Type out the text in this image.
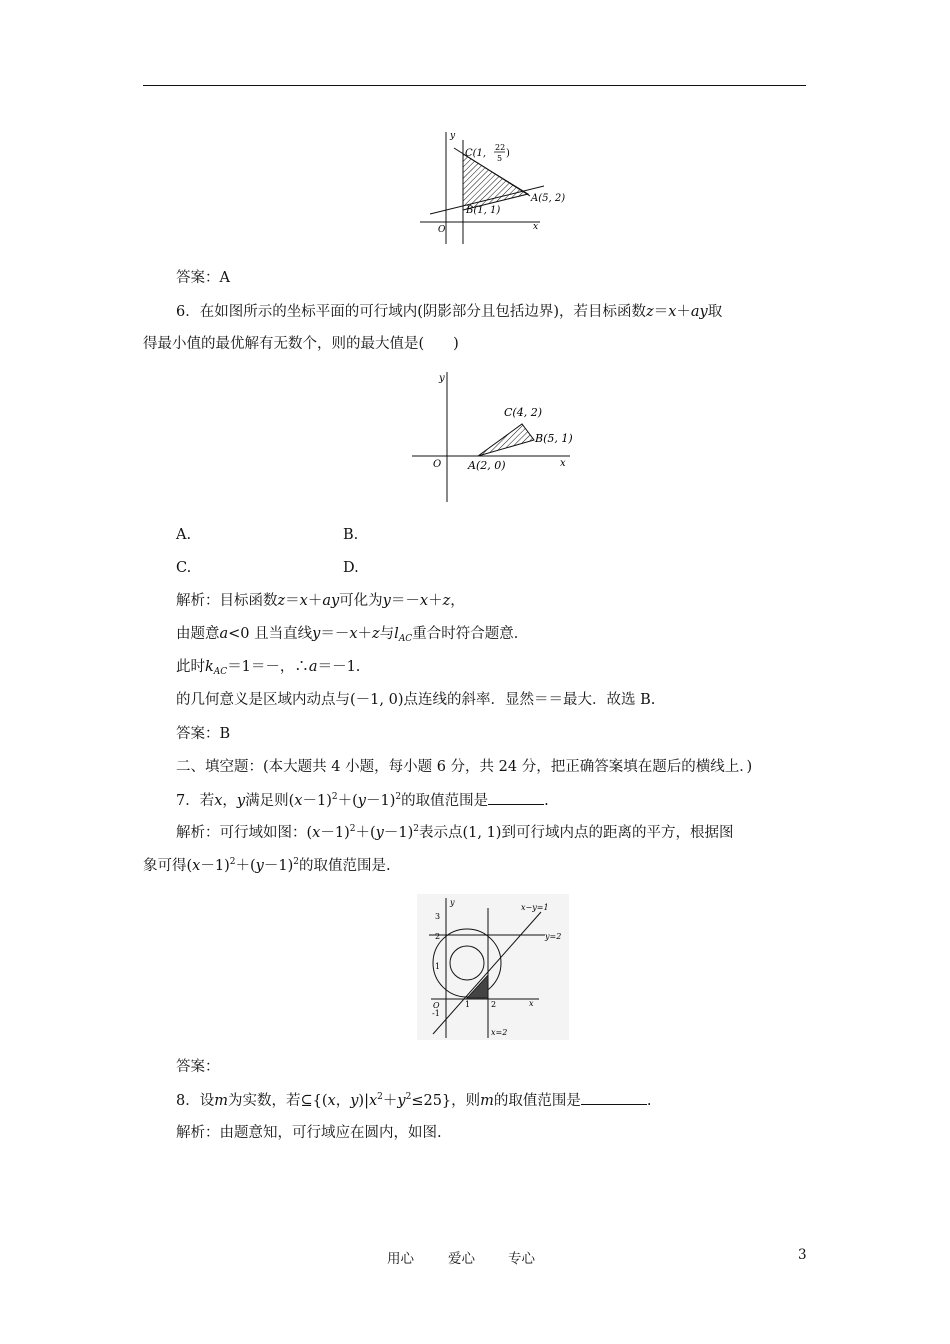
y
x
O
C(1,
22
5 )
A(5, 2)
B(1, 1)
答案：A
6．在如图所示的坐标平面的可行域内(阴影部分且包括边界)，若目标函数z＝x＋ay取
得最小值的最优解有无数个，则的最大值是(　　)
y
x
O
C(4, 2)
B(5, 1)
A(2, 0)
A.	B.
C.	D.
解析：目标函数z＝x＋ay可化为y＝－x＋z，
由题意a<0 且当直线y＝－x＋z与$l_{AC}$重合时符合题意．
此时$k_{AC}=1=-$，∴a＝－1.
的几何意义是区域内动点与(－1, 0)点连线的斜率．显然＝＝最大．故选 B.
答案：B
二、填空题：(本大题共 4 小题，每小题 6 分，共 24 分，把正确答案填在题后的横线上．)
7．若x，y满足则$(x-1)^2+(y-1)^2$的取值范围是	.
解析：可行域如图：$(x-1)^2+(y-1)^2$表示点(1, 1)到可行域内点的距离的平方，根据图
象可得$(x-1)^2+(y-1)^2$的取值范围是.
y
x
O
3
2
1
-1
1	2
x−y=1
y=2
x=2
答案：
8．设m为实数，若⊆{(x，$y)|x^2+y^2\le 25$}，则m的取值范围是	.
解析：由题意知，可行域应在圆内，如图.
用心	爱心 专心	3
